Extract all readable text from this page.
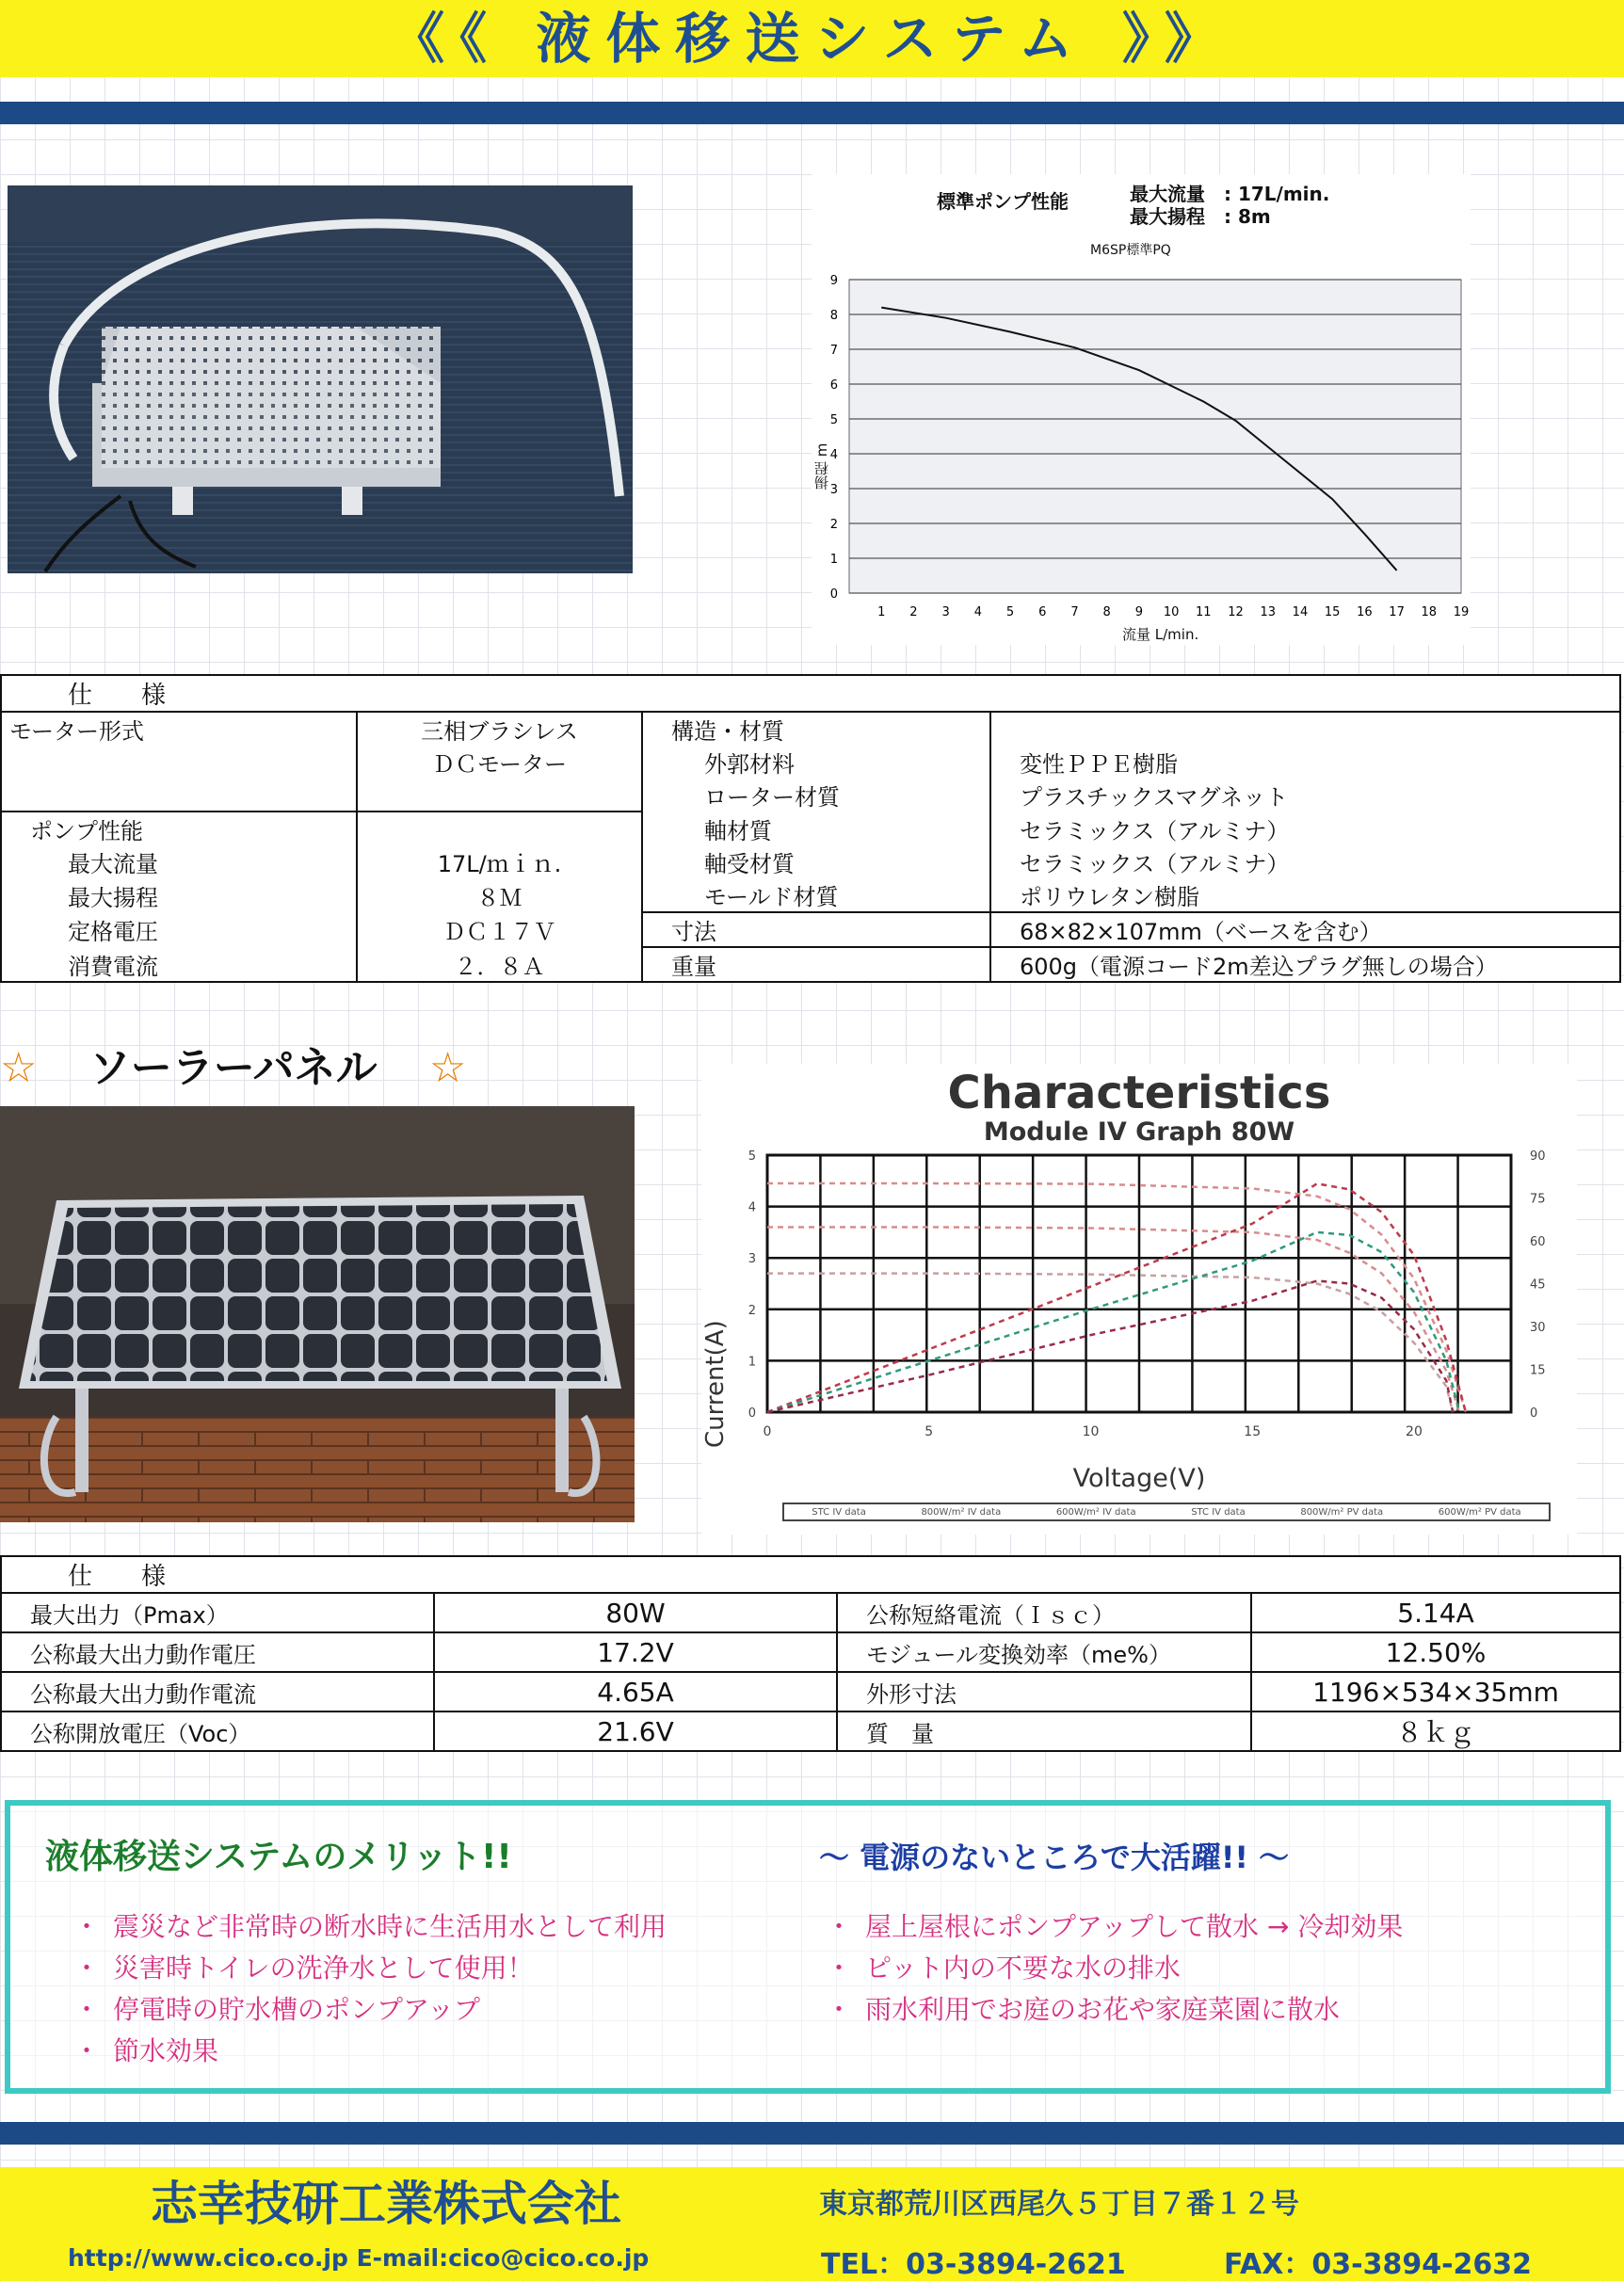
《《 液体移送システム 》》
標準ポンプ性能	最大流量　: 17L/min.
最大揚程　: 8m
M6SP標準PQ
0
1
2
3
4
5
6
7
8
9
1 2 3 4 5 6 7 8 9 10 11 12 13 14 15 16 17 18 19
揚程 m
流量 L/min.
仕　　様			
モーター形式	三相ブラシレス	構造・材質	
	ＤＣモーター	外郭材料	変性ＰＰＥ樹脂
		ローター材質	プラスチックスマグネット
ポンプ性能		軸材質	セラミックス（アルミナ）
最大流量	17L/ｍｉｎ.	軸受材質	セラミックス（アルミナ）
最大揚程	８Ｍ	モールド材質	ポリウレタン樹脂
定格電圧	ＤＣ１７Ｖ	寸法	68×82×107mm（ベースを含む）
消費電流	２．８Ａ	重量	600g（電源コード2m差込プラグ無しの場合）
☆ ソーラーパネル ☆	Characteristics
Module IV Graph 80W
0
1
2
3
4
5
0
15
30
45
60
75
90
0	5	10	15	20
Current(A)
Voltage(V)
STC IV data	800W/m² IV data	600W/m² IV data	STC IV data	800W/m² PV data	600W/m² PV data
仕　　様			
最大出力（Pmax）	80W	公称短絡電流（Ｉｓｃ）	5.14A
公称最大出力動作電圧	17.2V	モジュール変換効率（me%）	12.50%
公称最大出力動作電流	4.65A	外形寸法	1196×534×35mm
公称開放電圧（Voc）	21.6V	質　量	８ｋｇ
液体移送システムのメリット!!	～ 電源のないところで大活躍!! ～
・ 震災など非常時の断水時に生活用水として利用
・ 災害時トイレの洗浄水として使用！
・ 停電時の貯水槽のポンプアップ
・ 節水効果
・ 屋上屋根にポンプアップして散水 → 冷却効果
・ ピット内の不要な水の排水
・ 雨水利用でお庭のお花や家庭菜園に散水
志幸技研工業株式会社	東京都荒川区西尾久５丁目７番１２号
http://www.cico.co.jp E-mail:cico@cico.co.jp	TEL：03-3894-2621	FAX：03-3894-2632
